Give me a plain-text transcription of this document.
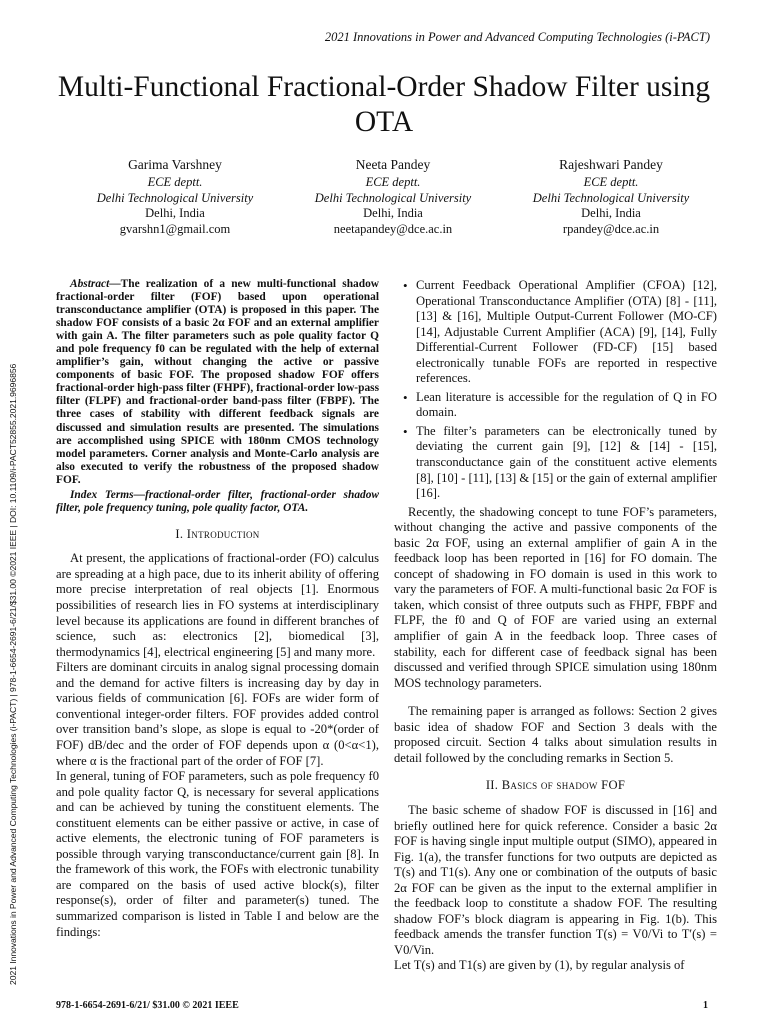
2021 Innovations in Power and Advanced Computing Technologies (i-PACT)
Multi-Functional Fractional-Order Shadow Filter using OTA
Garima Varshney
ECE deptt.
Delhi Technological University
Delhi, India
gvarshn1@gmail.com
Neeta Pandey
ECE deptt.
Delhi Technological University
Delhi, India
neetapandey@dce.ac.in
Rajeshwari Pandey
ECE deptt.
Delhi Technological University
Delhi, India
rpandey@dce.ac.in
2021 Innovations in Power and Advanced Computing Technologies (i-PACT) | 978-1-6654-2691-6/21/$31.00 ©2021 IEEE | DOI: 10.1109/i-PACT52855.2021.9696856

Abstract—The realization of a new multi-functional shadow fractional-order filter (FOF) based upon operational transconductance amplifier (OTA) is proposed in this paper. The shadow FOF consists of a basic 2α FOF and an external amplifier with gain A. The filter parameters such as pole quality factor Q and pole frequency f0 can be regulated with the help of external amplifier’s gain, without changing the active or passive components of basic FOF. The proposed shadow FOF offers fractional-order high-pass filter (FHPF), fractional-order low-pass filter (FLPF) and fractional-order band-pass filter (FBPF). The three cases of stability with different feedback signals are discussed and simulation results are presented. The simulations are accomplished using SPICE with 180nm CMOS technology model parameters. Corner analysis and Monte-Carlo analysis are also executed to verify the robustness of the proposed shadow FOF.

Index Terms—fractional-order filter, fractional-order shadow filter, pole frequency tuning, pole quality factor, OTA.

I. Introduction

At present, the applications of fractional-order (FO) calculus are spreading at a high pace, due to its inherit ability of offering more precise interpretation of real objects [1]. Enormous possibilities of research lies in FO systems at interdisciplinary level because its applications are found in different branches of science, such as: electronics [2], biomedical [3], thermodynamics [4], electrical engineering [5] and many more.

Filters are dominant circuits in analog signal processing domain and the demand for active filters is increasing day by day in various fields of communication [6]. FOFs are wider form of conventional integer-order filters. FOF provides added control over transition band’s slope, as slope is equal to -20*(order of FOF) dB/dec and the order of FOF depends upon α (0<α<1), where α is the fractional part of the order of FOF [7].

In general, tuning of FOF parameters, such as pole frequency f0 and pole quality factor Q, is necessary for several applications and can be achieved by tuning the constituent elements. The constituent elements can be either passive or active, in case of active elements, the electronic tuning of FOF parameters is possible through varying transconductance/current gain [8]. In the framework of this work, the FOFs with electronic tunability are compared on the basis of used active block(s), filter response(s), order of filter and parameter(s) tuned. The summarized comparison is listed in Table I and below are the findings:

• Current Feedback Operational Amplifier (CFOA) [12], Operational Transconductance Amplifier (OTA) [8] - [11], [13] & [16], Multiple Output-Current Follower (MO-CF) [14], Adjustable Current Amplifier (ACA) [9], [14], Fully Differential-Current Follower (FD-CF) [15] based electronically tunable FOFs are reported in respective references.
• Lean literature is accessible for the regulation of Q in FO domain.
• The filter’s parameters can be electronically tuned by deviating the current gain [9], [12] & [14] - [15], transconductance gain of the constituent active elements [8], [10] - [11], [13] & [15] or the gain of external amplifier [16].

Recently, the shadowing concept to tune FOF’s parameters, without changing the active and passive components of the basic 2α FOF, using an external amplifier of gain A in the feedback loop has been reported in [16] for FO domain. The concept of shadowing in FO domain is used in this work to vary the parameters of FOF. A multi-functional basic 2α FOF is taken, which consist of three outputs such as FHPF, FBPF and FLPF, the f0 and Q of FOF are varied using an external amplifier of gain A in the feedback loop. Three cases of stability, each for different case of feedback signal has been discussed and verified through SPICE simulation using 180nm MOS technology parameters.

The remaining paper is arranged as follows: Section 2 gives basic idea of shadow FOF and Section 3 deals with the proposed circuit. Section 4 talks about simulation results in detail followed by the concluding remarks in Section 5.

II. Basics of shadow FOF

The basic scheme of shadow FOF is discussed in [16] and briefly outlined here for quick reference. Consider a basic 2α FOF is having single input multiple output (SIMO), appeared in Fig. 1(a), the transfer functions for two outputs are depicted as T(s) and T1(s). Any one or combination of the outputs of basic 2α FOF can be given as the input to the external amplifier in the feedback loop to constitute a shadow FOF. The resulting shadow FOF’s block diagram is appearing in Fig. 1(b). This feedback amends the transfer function T(s) = V0/Vi to T′(s) = V0/Vin.

Let T(s) and T1(s) are given by (1), by regular analysis of

978-1-6654-2691-6/21/ $31.00 © 2021 IEEE	1
